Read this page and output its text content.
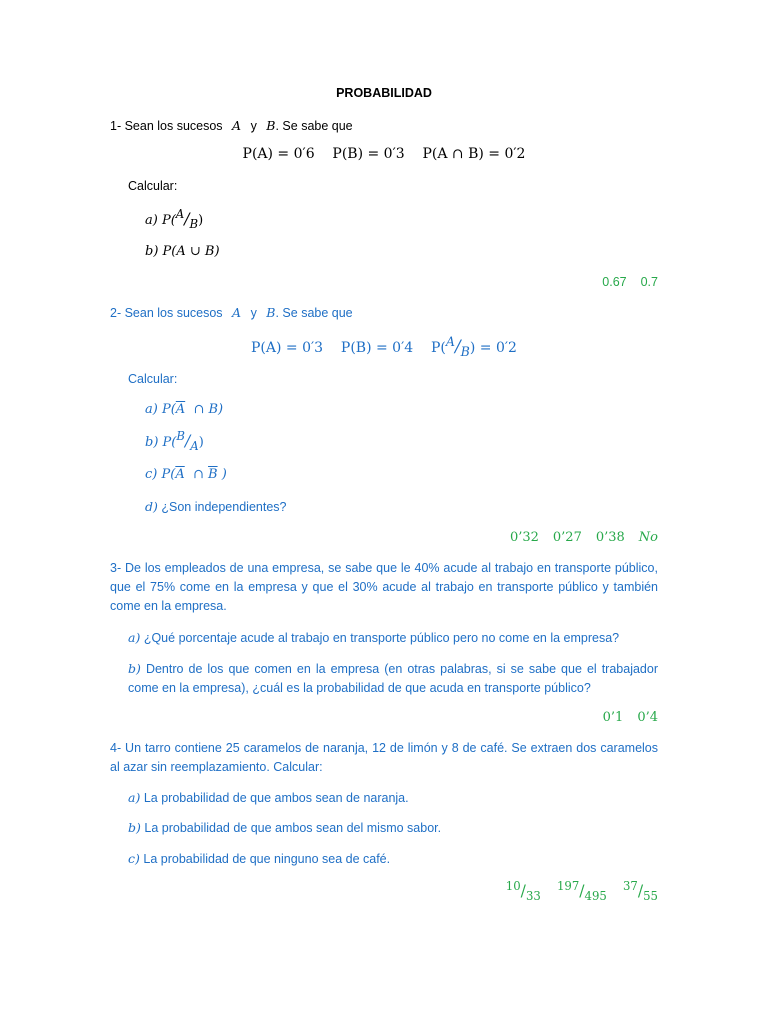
PROBABILIDAD
1- Sean los sucesos A y B. Se sabe que
P(A) = 0′6    P(B) = 0′3    P(A ∩ B) = 0′2
Calcular:
a) P(A/B)
b) P(A ∪ B)
0.67 0.7
2- Sean los sucesos A y B. Se sabe que
P(A) = 0′3    P(B) = 0′4    P(A/B) = 0′2
Calcular:
a) $P(\overline{A}$  ∩ B)
b) P(B/A)
c) $P(\overline{A}$  ∩ $\overline{B}$ )
d) ¿Son independientes?
0’32 0’27 0’38 No
3- De los empleados de una empresa, se sabe que le 40% acude al trabajo en transporte público, que el 75% come en la empresa y que el 30% acude al trabajo en transporte público y también come en la empresa.
a) ¿Qué porcentaje acude al trabajo en transporte público pero no come en la empresa?
b) Dentro de los que comen en la empresa (en otras palabras, si se sabe que el trabajador come en la empresa), ¿cuál es la probabilidad de que acuda en transporte público?
0’1 0’4
4- Un tarro contiene 25 caramelos de naranja, 12 de limón y 8 de café. Se extraen dos caramelos al azar sin reemplazamiento. Calcular:
a) La probabilidad de que ambos sean de naranja.
b) La probabilidad de que ambos sean del mismo sabor.
c) La probabilidad de que ninguno sea de café.
10/33 197/495 37/55
